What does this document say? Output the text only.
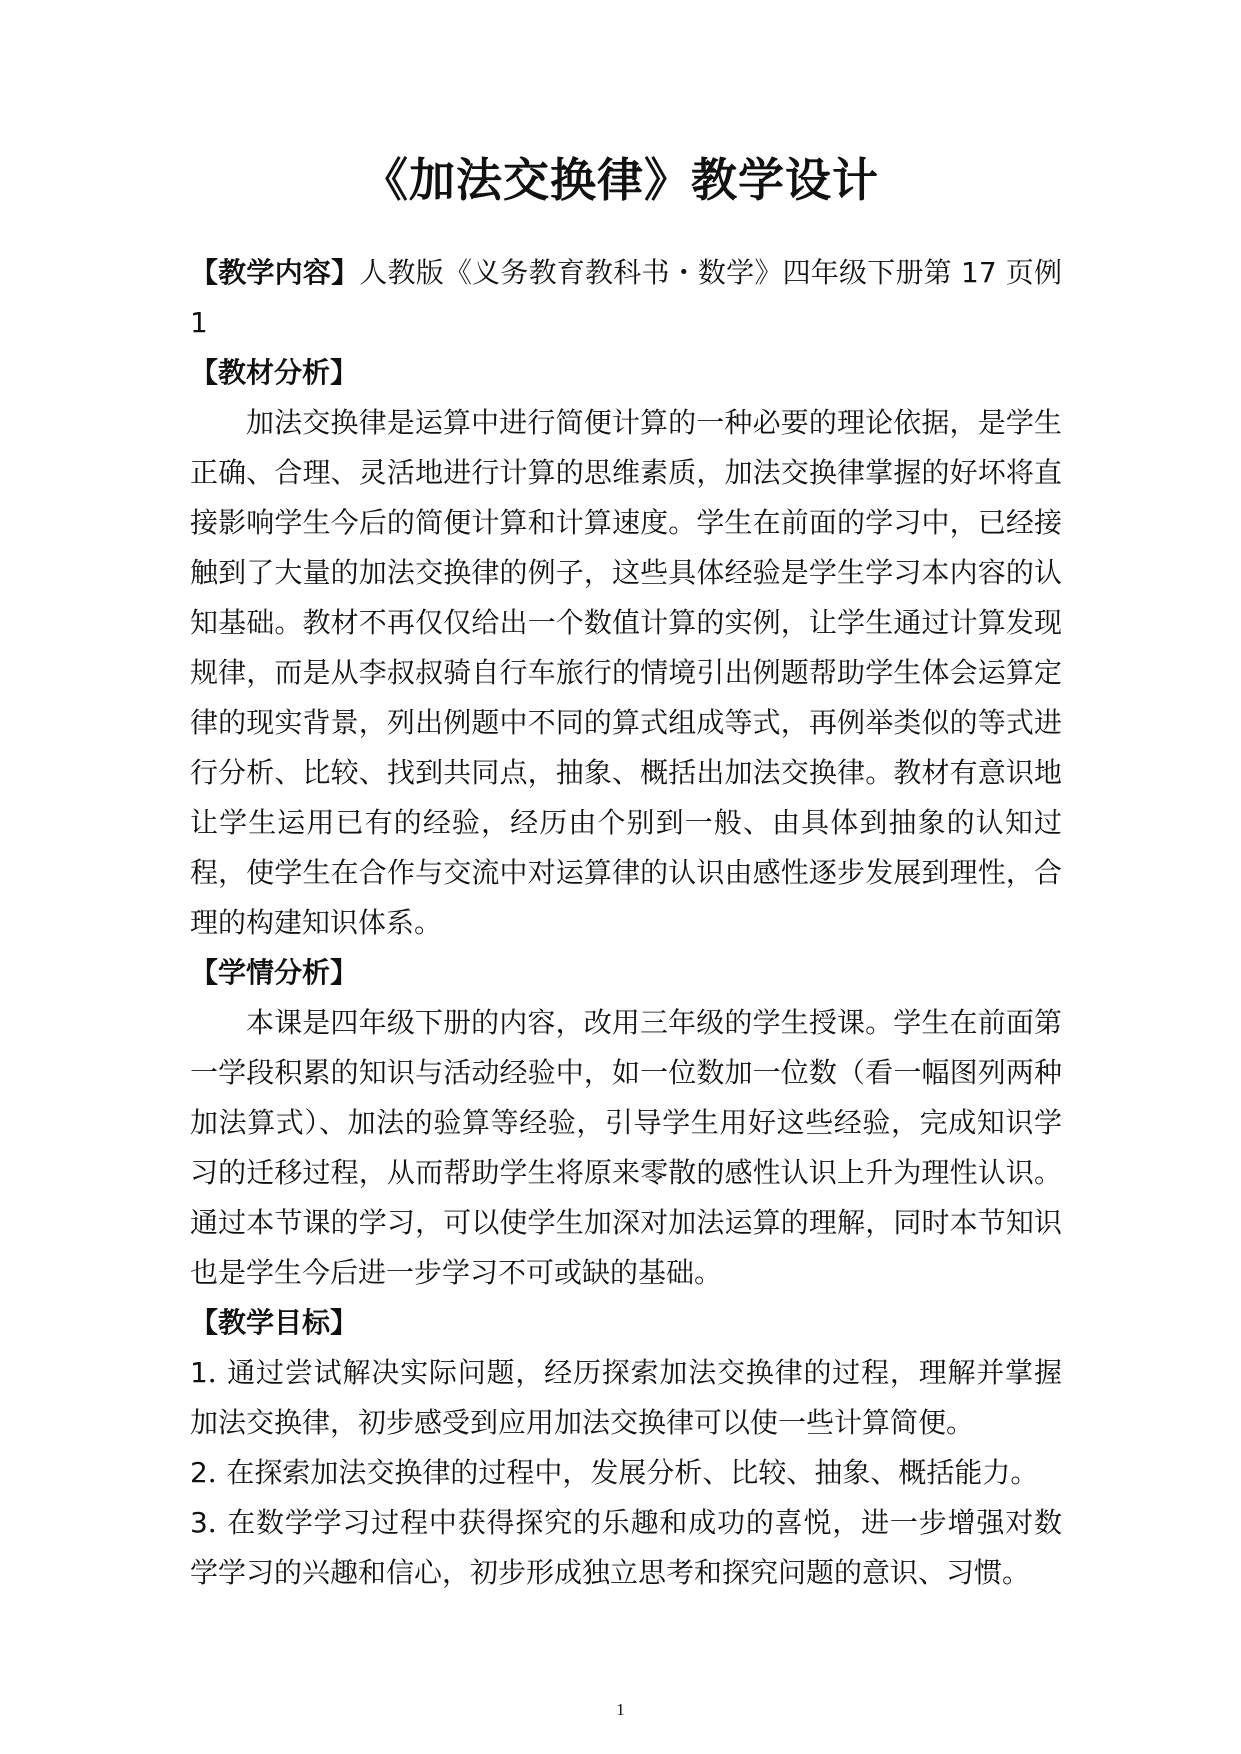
《加法交换律》教学设计

【教学内容】人教版《义务教育教科书・数学》四年级下册第 17 页例 1

【教材分析】

加法交换律是运算中进行简便计算的一种必要的理论依据，是学生正确、合理、灵活地进行计算的思维素质，加法交换律掌握的好坏将直接影响学生今后的简便计算和计算速度。学生在前面的学习中，已经接触到了大量的加法交换律的例子，这些具体经验是学生学习本内容的认知基础。教材不再仅仅给出一个数值计算的实例，让学生通过计算发现规律，而是从李叔叔骑自行车旅行的情境引出例题帮助学生体会运算定律的现实背景，列出例题中不同的算式组成等式，再例举类似的等式进行分析、比较、找到共同点，抽象、概括出加法交换律。教材有意识地让学生运用已有的经验，经历由个别到一般、由具体到抽象的认知过程，使学生在合作与交流中对运算律的认识由感性逐步发展到理性，合理的构建知识体系。

【学情分析】

本课是四年级下册的内容，改用三年级的学生授课。学生在前面第一学段积累的知识与活动经验中，如一位数加一位数（看一幅图列两种加法算式）、加法的验算等经验，引导学生用好这些经验，完成知识学习的迁移过程，从而帮助学生将原来零散的感性认识上升为理性认识。通过本节课的学习，可以使学生加深对加法运算的理解，同时本节知识也是学生今后进一步学习不可或缺的基础。

【教学目标】

1．通过尝试解决实际问题，经历探索加法交换律的过程，理解并掌握加法交换律，初步感受到应用加法交换律可以使一些计算简便。

2．在探索加法交换律的过程中，发展分析、比较、抽象、概括能力。

3．在数学学习过程中获得探究的乐趣和成功的喜悦，进一步增强对数学学习的兴趣和信心，初步形成独立思考和探究问题的意识、习惯。

1
